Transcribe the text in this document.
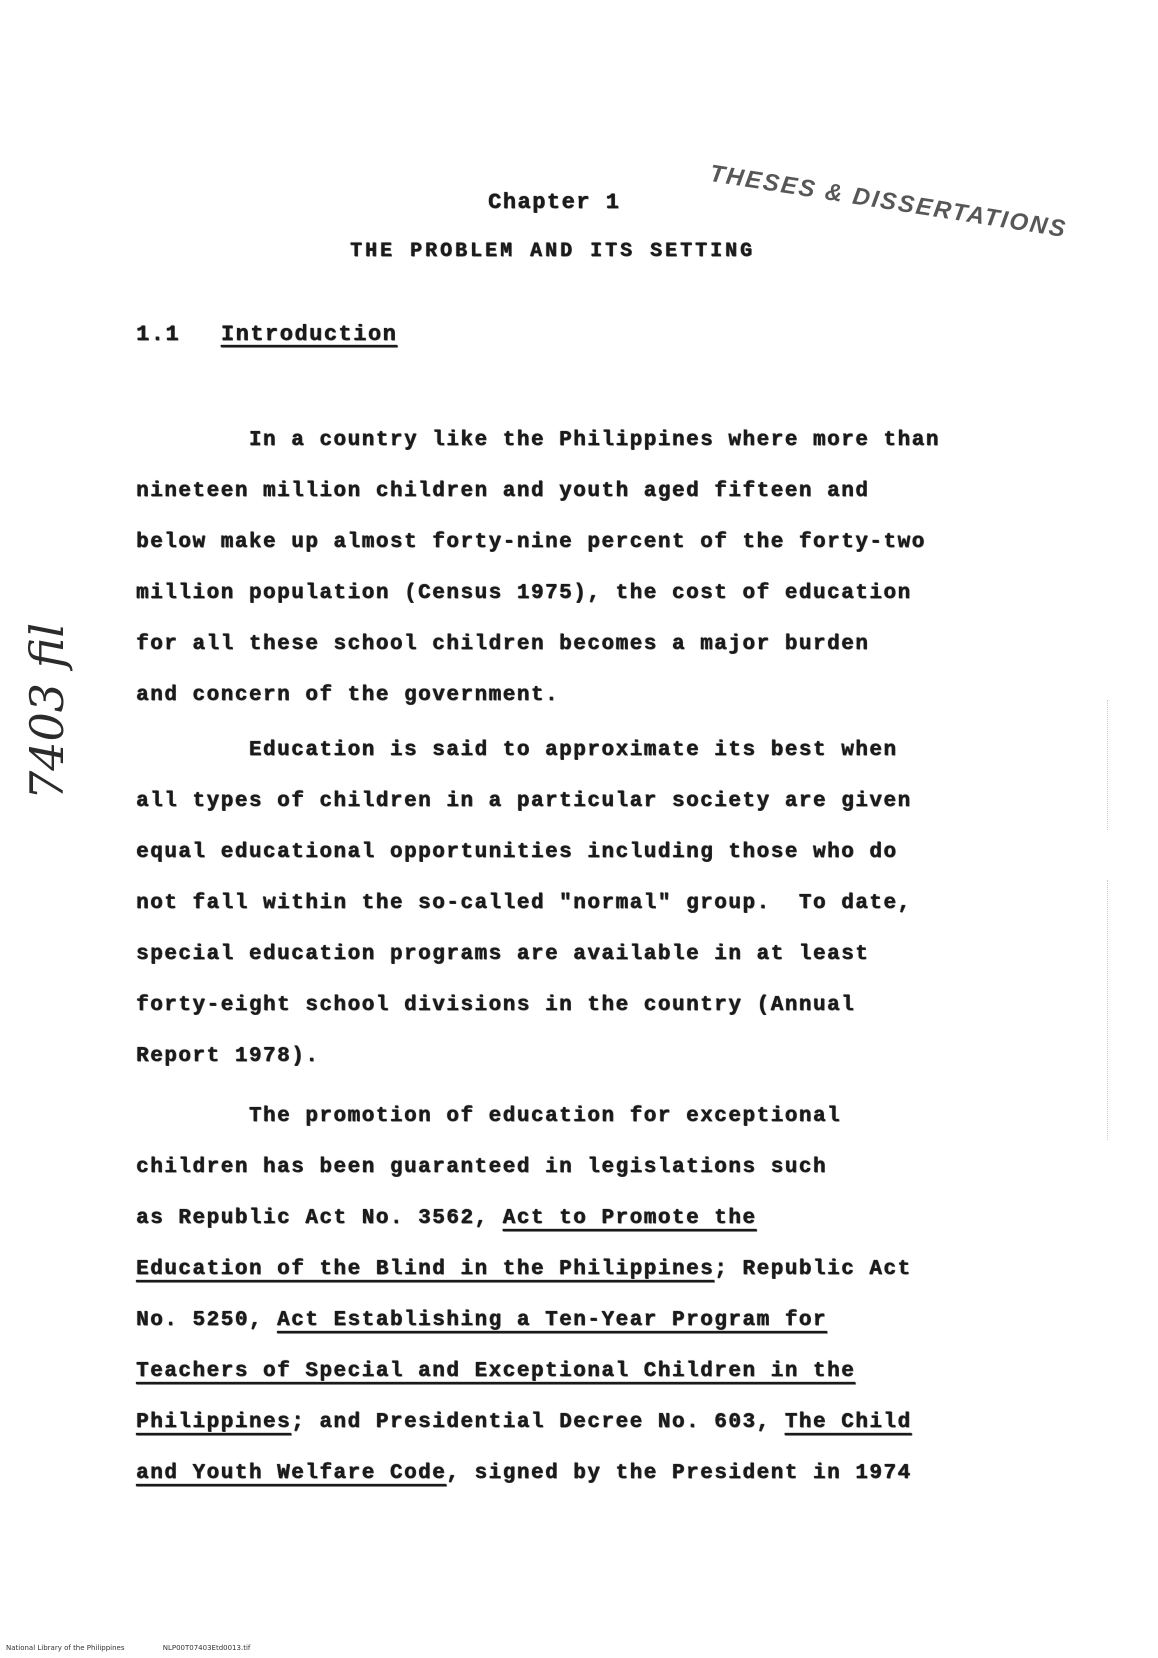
THESES & DISSERTATIONS
Chapter 1
THE PROBLEM AND ITS SETTING
1.1 Introduction

In a country like the Philippines where more than
nineteen million children and youth aged fifteen and
below make up almost forty-nine percent of the forty-two
million population (Census 1975), the cost of education
for all these school children becomes a major burden
and concern of the government.

Education is said to approximate its best when
all types of children in a particular society are given
equal educational opportunities including those who do
not fall within the so-called "normal" group.  To date,
special education programs are available in at least
forty-eight school divisions in the country (Annual
Report 1978).

The promotion of education for exceptional
children has been guaranteed in legislations such
as Republic Act No. 3562, Act to Promote the
Education of the Blind in the Philippines; Republic Act
No. 5250, Act Establishing a Ten-Year Program for
Teachers of Special and Exceptional Children in the
Philippines; and Presidential Decree No. 603, The Child
and Youth Welfare Code, signed by the President in 1974

7403 fil
National Library of the Philippines	NLP00T07403Etd0013.tif
